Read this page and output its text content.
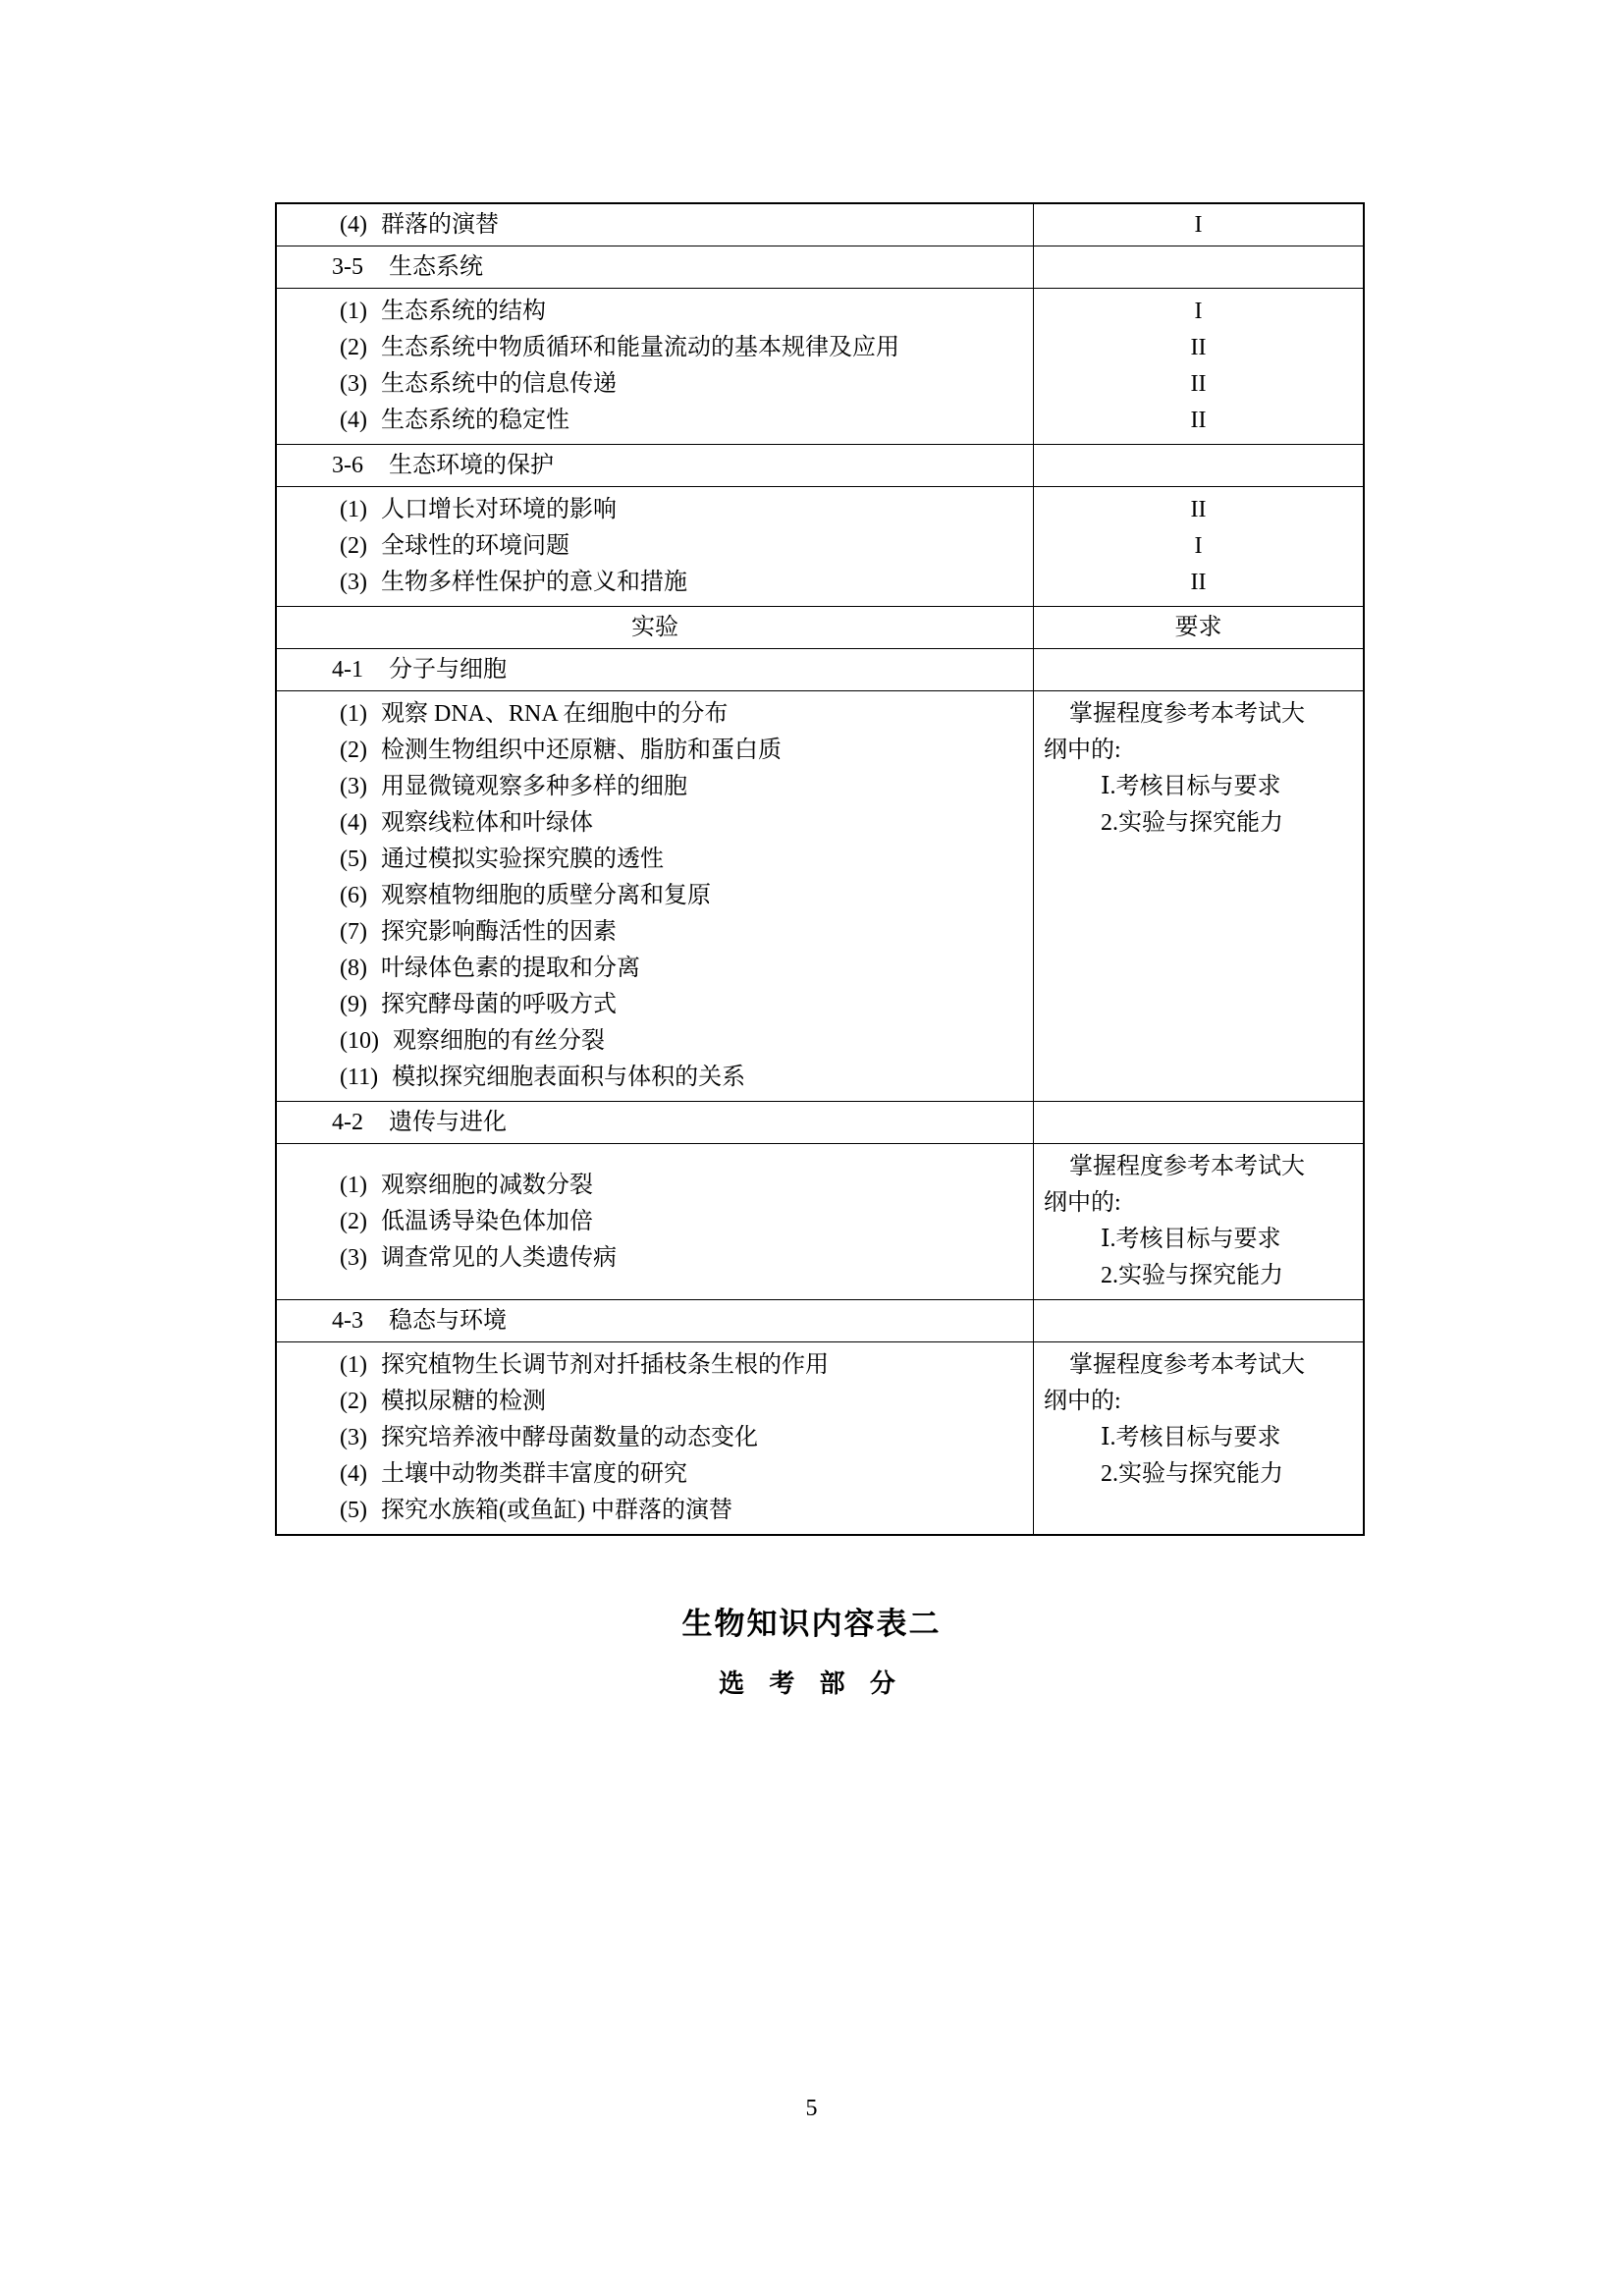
(4) 群落的演替	I
3-5 生态系统
(1) 生态系统的结构
(2) 生态系统中物质循环和能量流动的基本规律及应用
(3) 生态系统中的信息传递
(4) 生态系统的稳定性
I
II
II
II
3-6 生态环境的保护
(1) 人口增长对环境的影响
(2) 全球性的环境问题
(3) 生物多样性保护的意义和措施
II
I
II
实验	要求
4-1 分子与细胞
(1) 观察 DNA、RNA 在细胞中的分布
(2) 检测生物组织中还原糖、脂肪和蛋白质
(3) 用显微镜观察多种多样的细胞
(4) 观察线粒体和叶绿体
(5) 通过模拟实验探究膜的透性
(6) 观察植物细胞的质壁分离和复原
(7) 探究影响酶活性的因素
(8) 叶绿体色素的提取和分离
(9) 探究酵母菌的呼吸方式
(10) 观察细胞的有丝分裂
(11) 模拟探究细胞表面积与体积的关系
掌握程度参考本考试大
纲中的:
Ⅰ.考核目标与要求
2.实验与探究能力
4-2 遗传与进化
(1) 观察细胞的减数分裂
(2) 低温诱导染色体加倍
(3) 调查常见的人类遗传病
掌握程度参考本考试大
纲中的:
Ⅰ.考核目标与要求
2.实验与探究能力
4-3 稳态与环境
(1) 探究植物生长调节剂对扦插枝条生根的作用
(2) 模拟尿糖的检测
(3) 探究培养液中酵母菌数量的动态变化
(4) 土壤中动物类群丰富度的研究
(5) 探究水族箱(或鱼缸) 中群落的演替
掌握程度参考本考试大
纲中的:
Ⅰ.考核目标与要求
2.实验与探究能力
生物知识内容表二
选 考 部 分
5
